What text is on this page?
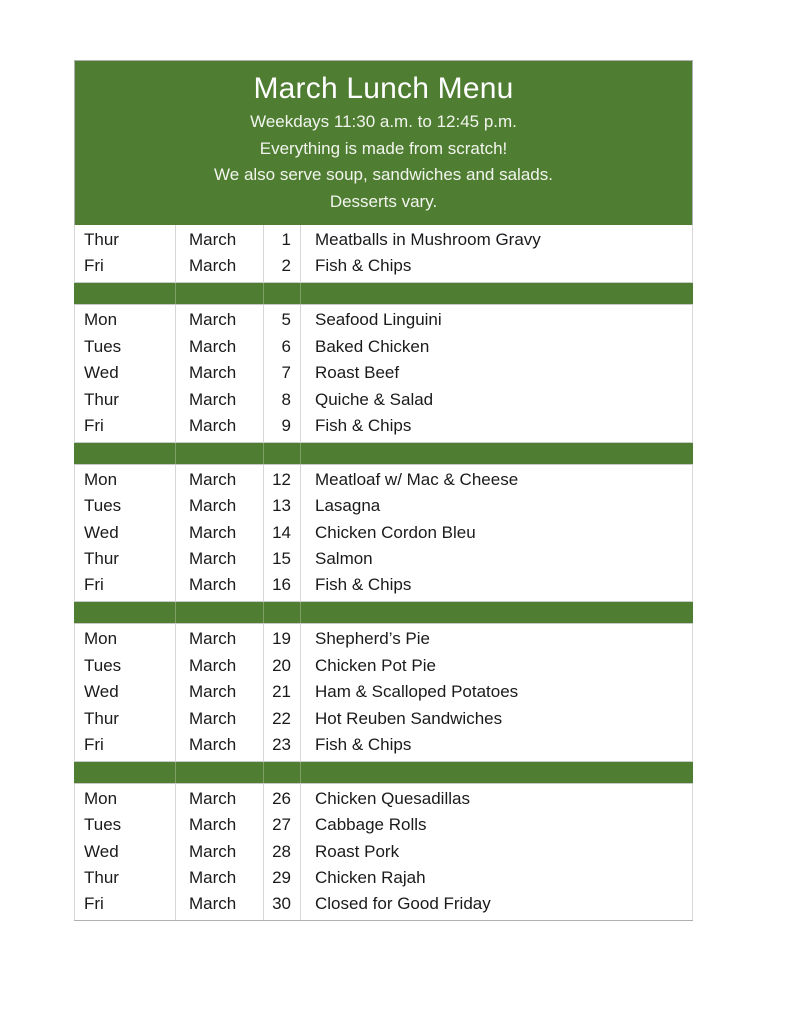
March Lunch Menu
Weekdays 11:30 a.m. to 12:45 p.m.
Everything is made from scratch!
We also serve soup, sandwiches and salads.
Desserts vary.			

Thur	March	1	Meatballs in Mushroom Gravy
Fri	March	2	Fish & Chips

Mon	March	5	Seafood Linguini
Tues	March	6	Baked Chicken
Wed	March	7	Roast Beef
Thur	March	8	Quiche & Salad
Fri	March	9	Fish & Chips

Mon	March	12	Meatloaf w/ Mac & Cheese
Tues	March	13	Lasagna
Wed	March	14	Chicken Cordon Bleu
Thur	March	15	Salmon
Fri	March	16	Fish & Chips

Mon	March	19	Shepherd’s Pie
Tues	March	20	Chicken Pot Pie
Wed	March	21	Ham & Scalloped Potatoes
Thur	March	22	Hot Reuben Sandwiches
Fri	March	23	Fish & Chips

Mon	March	26	Chicken Quesadillas
Tues	March	27	Cabbage Rolls
Wed	March	28	Roast Pork
Thur	March	29	Chicken Rajah
Fri	March	30	Closed for Good Friday
